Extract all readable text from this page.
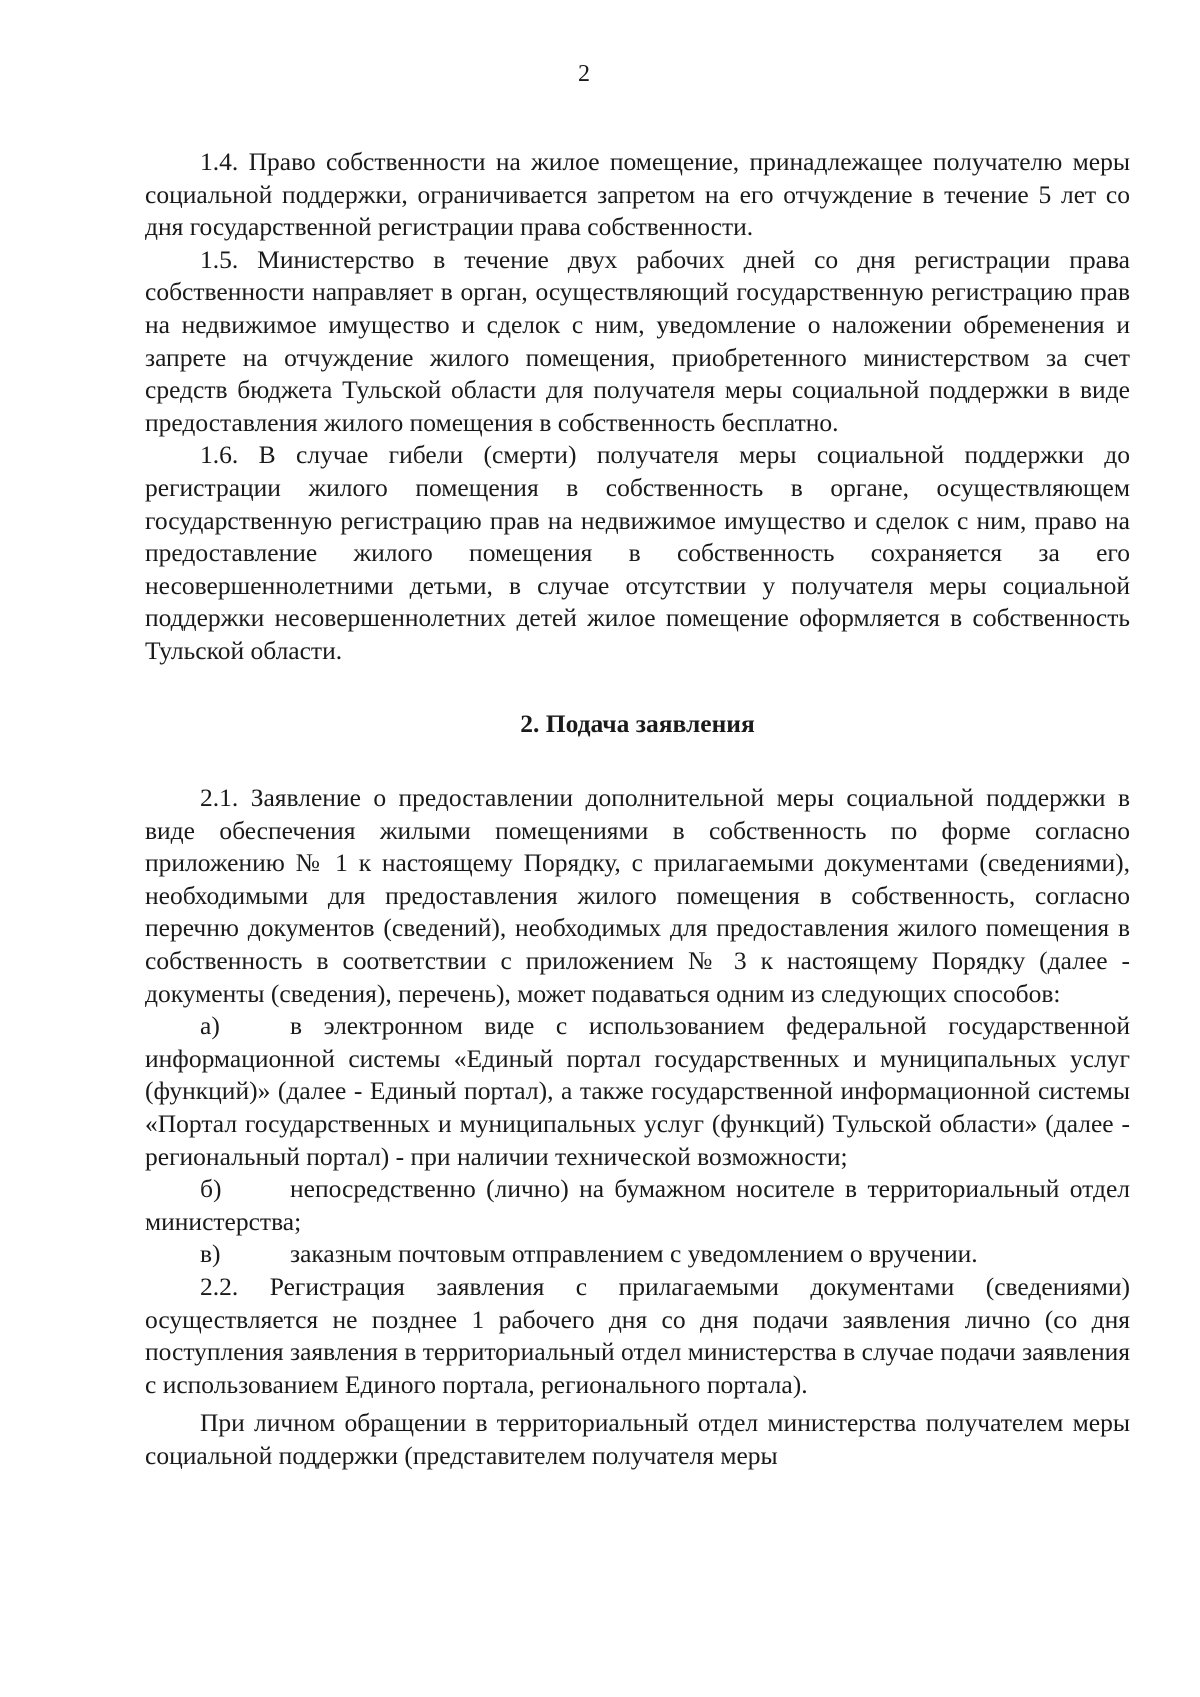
2

1.4. Право собственности на жилое помещение, принадлежащее получателю меры социальной поддержки, ограничивается запретом на его отчуждение в течение 5 лет со дня государственной регистрации права собственности.

1.5. Министерство в течение двух рабочих дней со дня регистрации права собственности направляет в орган, осуществляющий государственную регистрацию прав на недвижимое имущество и сделок с ним, уведомление о наложении обременения и запрете на отчуждение жилого помещения, приобретенного министерством за счет средств бюджета Тульской области для получателя меры социальной поддержки в виде предоставления жилого помещения в собственность бесплатно.

1.6. В случае гибели (смерти) получателя меры социальной поддержки до регистрации жилого помещения в собственность в органе, осуществляющем государственную регистрацию прав на недвижимое имущество и сделок с ним, право на предоставление жилого помещения в собственность сохраняется за его несовершеннолетними детьми, в случае отсутствии у получателя меры социальной поддержки несовершеннолетних детей жилое помещение оформляется в собственность Тульской области.

2. Подача заявления

2.1. Заявление о предоставлении дополнительной меры социальной поддержки в виде обеспечения жилыми помещениями в собственность по форме согласно приложению № 1 к настоящему Порядку, с прилагаемыми документами (сведениями), необходимыми для предоставления жилого помещения в собственность, согласно перечню документов (сведений), необходимых для предоставления жилого помещения в собственность в соответствии с приложением № 3 к настоящему Порядку (далее - документы (сведения), перечень), может подаваться одним из следующих способов:

а)	в электронном виде с использованием федеральной государственной информационной системы «Единый портал государственных и муниципальных услуг (функций)» (далее - Единый портал), а также государственной информационной системы «Портал государственных и муниципальных услуг (функций) Тульской области» (далее - региональный портал) - при наличии технической возможности;

б)	непосредственно (лично) на бумажном носителе в территориальный отдел министерства;

в)	заказным почтовым отправлением с уведомлением о вручении.

2.2. Регистрация заявления с прилагаемыми документами (сведениями) осуществляется не позднее 1 рабочего дня со дня подачи заявления лично (со дня поступления заявления в территориальный отдел министерства в случае подачи заявления с использованием Единого портала, регионального портала).

При личном обращении в территориальный отдел министерства получателем меры социальной поддержки (представителем получателя меры
